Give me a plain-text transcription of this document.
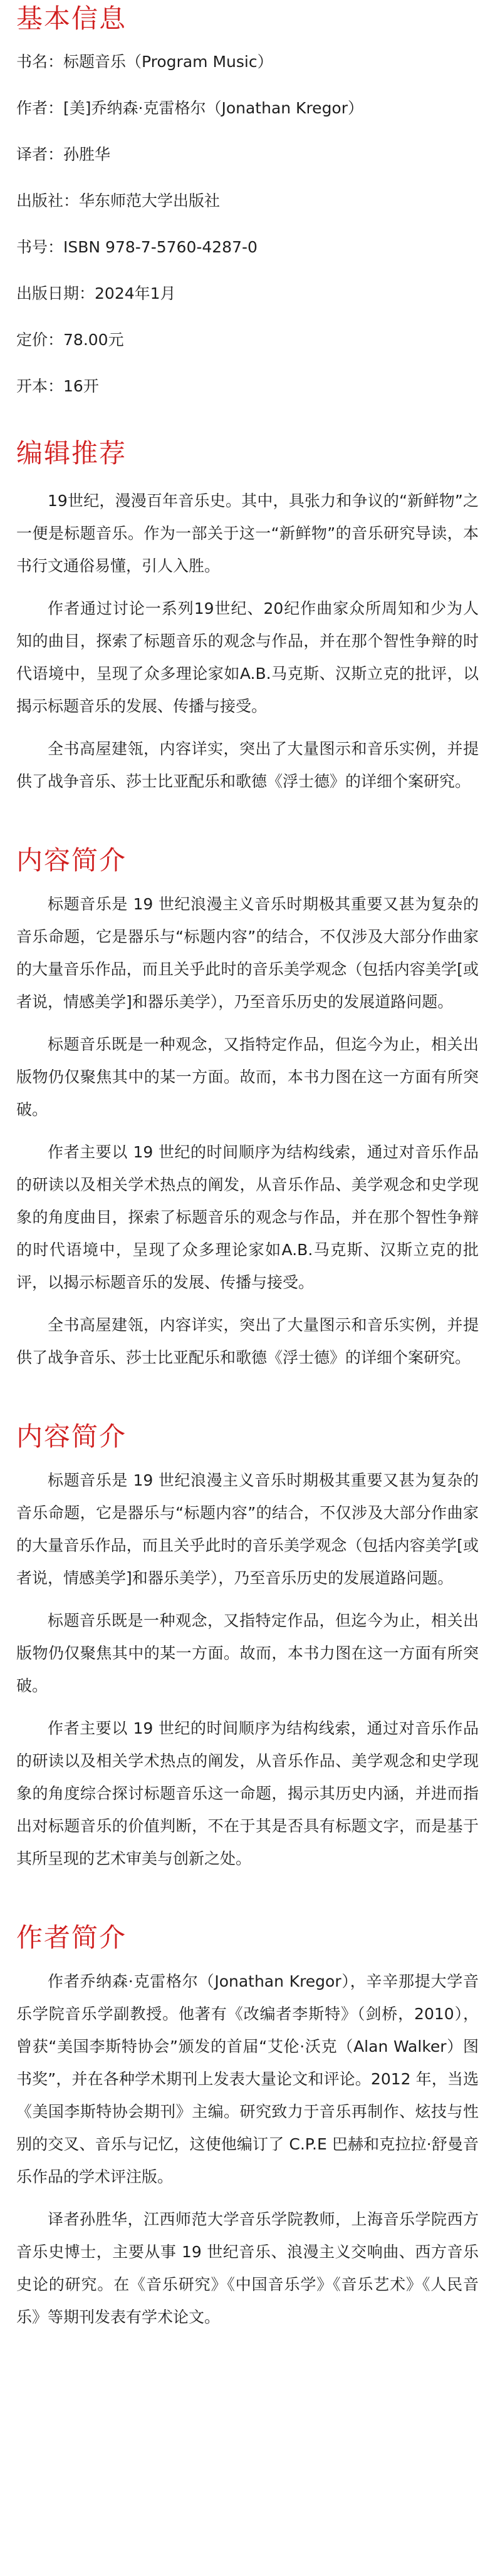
基本信息
书名：标题音乐（Program Music）
作者：[美]乔纳森·克雷格尔（Jonathan Kregor）
译者：孙胜华
出版社：华东师范大学出版社
书号：ISBN 978-7-5760-4287-0
出版日期：2024年1月
定价：78.00元
开本：16开
编辑推荐

19世纪，漫漫百年音乐史。其中，具张力和争议的“新鲜物”之一便是标题音乐。作为一部关于这一“新鲜物”的音乐研究导读，本书行文通俗易懂，引人入胜。

作者通过讨论一系列19世纪、20纪作曲家众所周知和少为人知的曲目，探索了标题音乐的观念与作品，并在那个智性争辩的时代语境中，呈现了众多理论家如A.B.马克斯、汉斯立克的批评，以揭示标题音乐的发展、传播与接受。

全书高屋建瓴，内容详实，突出了大量图示和音乐实例，并提供了战争音乐、莎士比亚配乐和歌德《浮士德》的详细个案研究。

内容简介

标题音乐是 19 世纪浪漫主义音乐时期极其重要又甚为复杂的音乐命题，它是器乐与“标题内容”的结合，不仅涉及大部分作曲家的大量音乐作品，而且关乎此时的音乐美学观念（包括内容美学[或者说，情感美学]和器乐美学），乃至音乐历史的发展道路问题。

标题音乐既是一种观念，又指特定作品，但迄今为止，相关出版物仍仅聚焦其中的某一方面。故而，本书力图在这一方面有所突破。

作者主要以 19 世纪的时间顺序为结构线索，通过对音乐作品的研读以及相关学术热点的阐发，从音乐作品、美学观念和史学现象的角度曲目，探索了标题音乐的观念与作品，并在那个智性争辩的时代语境中，呈现了众多理论家如A.B.马克斯、汉斯立克的批评，以揭示标题音乐的发展、传播与接受。

全书高屋建瓴，内容详实，突出了大量图示和音乐实例，并提供了战争音乐、莎士比亚配乐和歌德《浮士德》的详细个案研究。

内容简介

标题音乐是 19 世纪浪漫主义音乐时期极其重要又甚为复杂的音乐命题，它是器乐与“标题内容”的结合，不仅涉及大部分作曲家的大量音乐作品，而且关乎此时的音乐美学观念（包括内容美学[或者说，情感美学]和器乐美学），乃至音乐历史的发展道路问题。

标题音乐既是一种观念，又指特定作品，但迄今为止，相关出版物仍仅聚焦其中的某一方面。故而，本书力图在这一方面有所突破。

作者主要以 19 世纪的时间顺序为结构线索，通过对音乐作品的研读以及相关学术热点的阐发，从音乐作品、美学观念和史学现象的角度综合探讨标题音乐这一命题，揭示其历史内涵，并进而指出对标题音乐的价值判断，不在于其是否具有标题文字，而是基于其所呈现的艺术审美与创新之处。

作者简介

作者乔纳森·克雷格尔（Jonathan Kregor），辛辛那提大学音乐学院音乐学副教授。他著有《改编者李斯特》（剑桥，2010），曾获“美国李斯特协会”颁发的首届“艾伦·沃克（Alan Walker）图书奖”，并在各种学术期刊上发表大量论文和评论。2012 年，当选《美国李斯特协会期刊》主编。研究致力于音乐再制作、炫技与性别的交叉、音乐与记忆，这使他编订了 C.P.E 巴赫和克拉拉·舒曼音乐作品的学术评注版。

译者孙胜华，江西师范大学音乐学院教师，上海音乐学院西方音乐史博士，主要从事 19 世纪音乐、浪漫主义交响曲、西方音乐史论的研究。在《音乐研究》《中国音乐学》《音乐艺术》《人民音乐》等期刊发表有学术论文。
